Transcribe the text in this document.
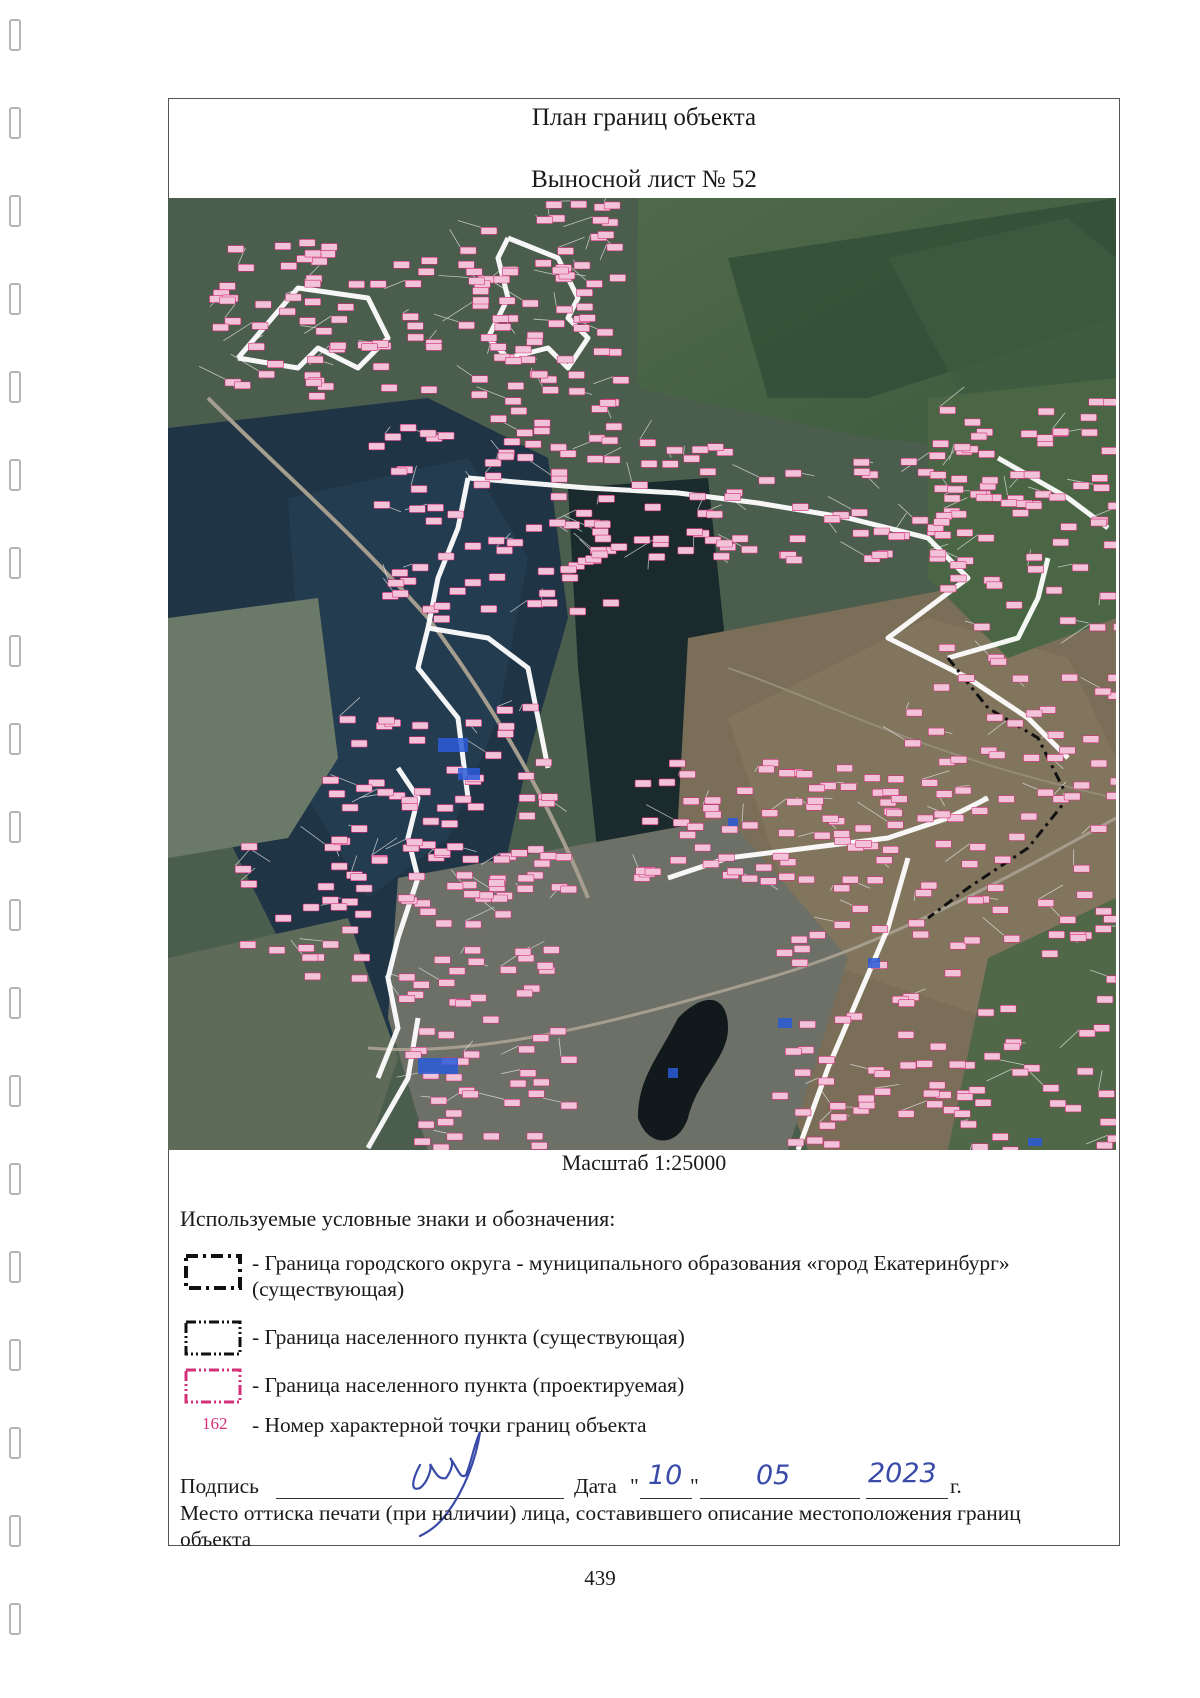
План границ объекта
Выносной лист № 52
Масштаб 1:25000
Используемые условные знаки и обозначения:
- Граница городского округа - муниципального образования «город Екатеринбург» (существующая)
- Граница населенного пункта (существующая)
- Граница населенного пункта (проектируемая)
162 - Номер характерной точки границ объекта
Подпись	Дата " 10 " 05	2023 г.
Место оттиска печати (при наличии) лица, составившего описание местоположения границ объекта
439
